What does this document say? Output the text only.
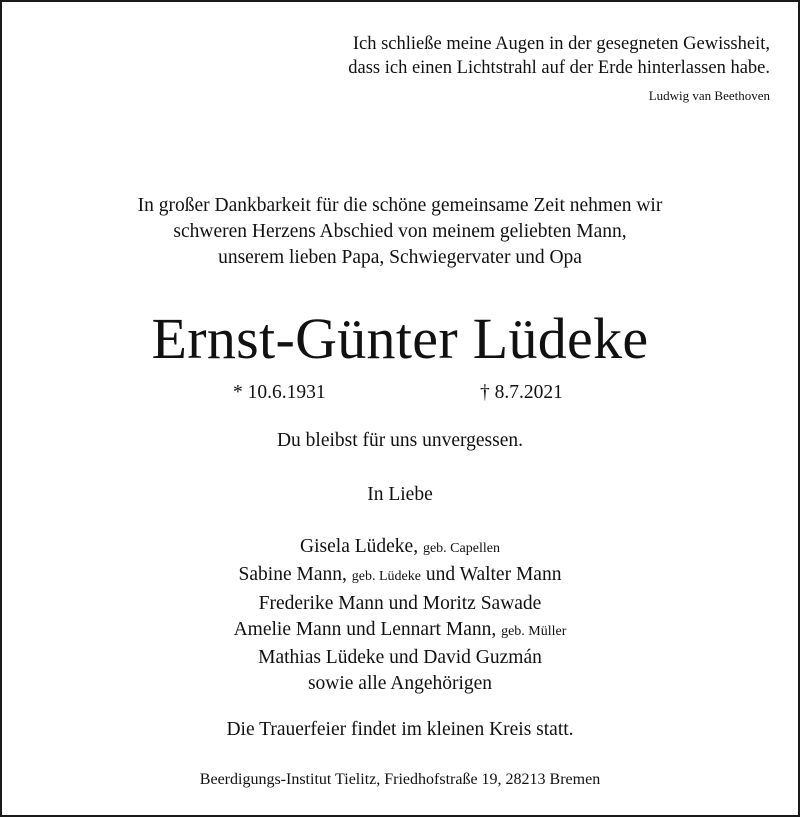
Ich schließe meine Augen in der gesegneten Gewissheit,
dass ich einen Lichtstrahl auf der Erde hinterlassen habe.
Ludwig van Beethoven
In großer Dankbarkeit für die schöne gemeinsame Zeit nehmen wir
schweren Herzens Abschied von meinem geliebten Mann,
unserem lieben Papa, Schwiegervater und Opa
Ernst-Günter Lüdeke
* 10.6.1931	† 8.7.2021
Du bleibst für uns unvergessen.
In Liebe
Gisela Lüdeke, geb. Capellen
Sabine Mann, geb. Lüdeke und Walter Mann
Frederike Mann und Moritz Sawade
Amelie Mann und Lennart Mann, geb. Müller
Mathias Lüdeke und David Guzmán
sowie alle Angehörigen
Die Trauerfeier findet im kleinen Kreis statt.
Beerdigungs-Institut Tielitz, Friedhofstraße 19, 28213 Bremen
